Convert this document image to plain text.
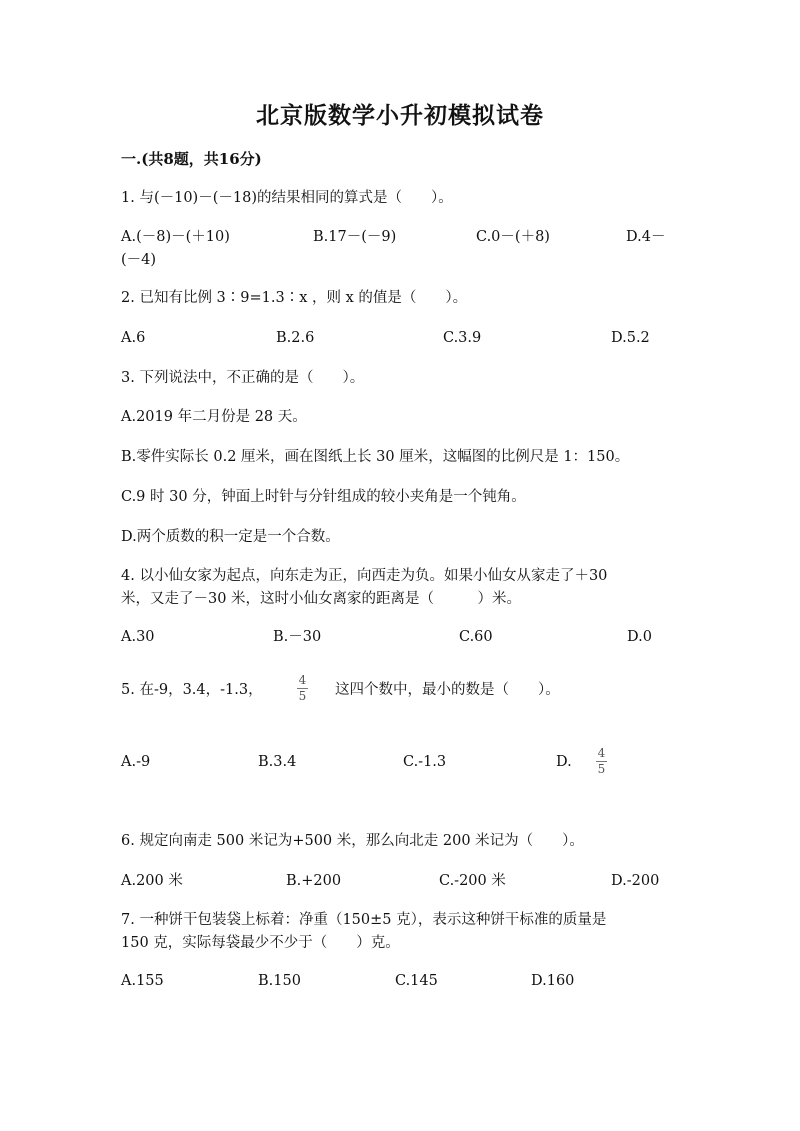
北京版数学小升初模拟试卷
一.(共8题，共16分)
1. 与(－10)－(－18)的结果相同的算式是（　　）。
A.(－8)－(＋10)	B.17－(－9)	C.0－(＋8)	D.4－
(－4)
2. 已知有比例 3∶9=1.3∶x ，则 x 的值是（　　）。
A.6	B.2.6	C.3.9	D.5.2
3. 下列说法中，不正确的是（　　）。
A.2019 年二月份是 28 天。
B.零件实际长 0.2 厘米，画在图纸上长 30 厘米，这幅图的比例尺是 1：150。
C.9 时 30 分，钟面上时针与分针组成的较小夹角是一个钝角。
D.两个质数的积一定是一个合数。
4. 以小仙女家为起点，向东走为正，向西走为负。如果小仙女从家走了＋30
米，又走了－30 米，这时小仙女离家的距离是（　　　）米。
A.30	B.－30	C.60	D.0
5. 在-9，3.4，-1.3，
4
5 这四个数中，最小的数是（　　）。
A.-9	B.3.4	C.-1.3	D.
4
5
6. 规定向南走 500 米记为+500 米，那么向北走 200 米记为（　　）。
A.200 米	B.+200	C.-200 米	D.-200
7. 一种饼干包装袋上标着：净重（150±5 克），表示这种饼干标准的质量是
150 克，实际每袋最少不少于（　　）克。
A.155	B.150	C.145	D.160
